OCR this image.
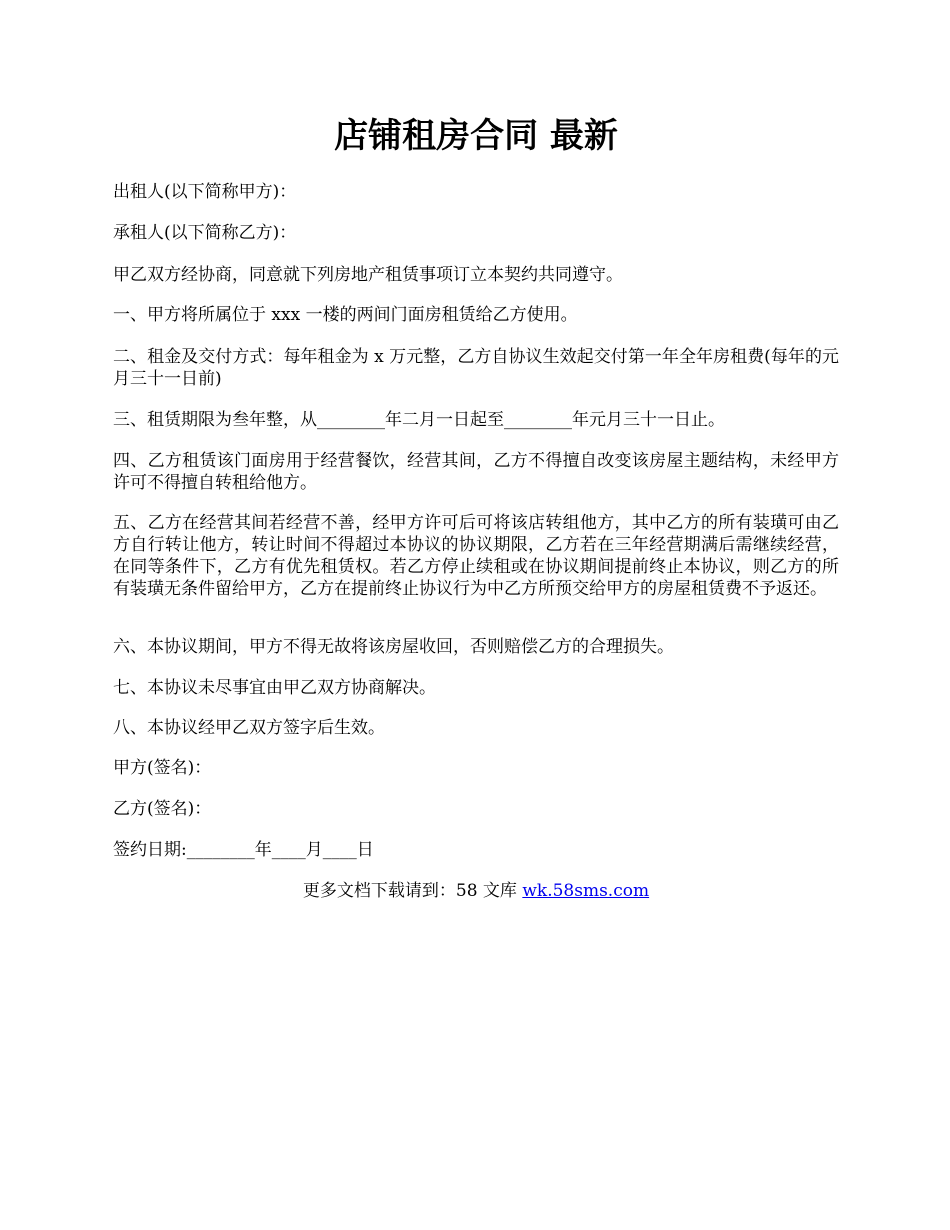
店铺租房合同 最新

出租人(以下简称甲方)：

承租人(以下简称乙方)：

甲乙双方经协商，同意就下列房地产租赁事项订立本契约共同遵守。

一、甲方将所属位于 xxx 一楼的两间门面房租赁给乙方使用。

二、租金及交付方式：每年租金为 x 万元整，乙方自协议生效起交付第一年全年房租费(每年的元月三十一日前)

三、租赁期限为叁年整，从________年二月一日起至________年元月三十一日止。

四、乙方租赁该门面房用于经营餐饮，经营其间，乙方不得擅自改变该房屋主题结构，未经甲方许可不得擅自转租给他方。

五、乙方在经营其间若经营不善，经甲方许可后可将该店转组他方，其中乙方的所有装璜可由乙方自行转让他方，转让时间不得超过本协议的协议期限，乙方若在三年经营期满后需继续经营，在同等条件下，乙方有优先租赁权。若乙方停止续租或在协议期间提前终止本协议，则乙方的所有装璜无条件留给甲方，乙方在提前终止协议行为中乙方所预交给甲方的房屋租赁费不予返还。

六、本协议期间，甲方不得无故将该房屋收回，否则赔偿乙方的合理损失。

七、本协议未尽事宜由甲乙双方协商解决。

八、本协议经甲乙双方签字后生效。

甲方(签名)：

乙方(签名)：

签约日期:________年____月____日

更多文档下载请到：58 文库 wk.58sms.com
